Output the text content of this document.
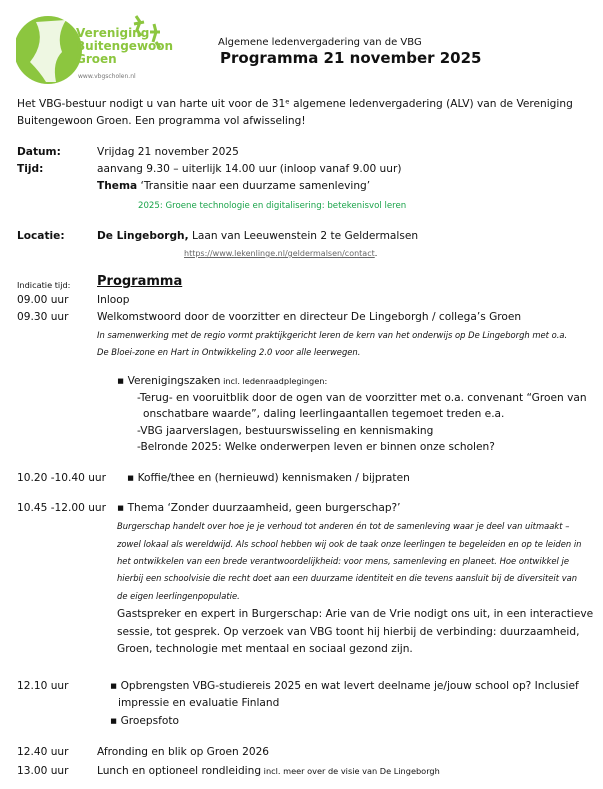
Vereniging
Buitengewoon
Groen
www.vbgscholen.nl
Algemene ledenvergadering van de VBG
Programma 21 november 2025
Het VBG-bestuur nodigt u van harte uit voor de 31ᵉ algemene ledenvergadering (ALV) van de Vereniging
Buitengewoon Groen. Een programma vol afwisseling!
Datum:	Vrijdag 21 november 2025
Tijd:	aanvang 9.30 – uiterlijk 14.00 uur (inloop vanaf 9.00 uur)
Thema ‘Transitie naar een duurzame samenleving’
2025: Groene technologie en digitalisering: betekenisvol leren
Locatie:	De Lingeborgh, Laan van Leeuwenstein 2 te Geldermalsen
https://www.lekenlinge.nl/geldermalsen/contact.
Indicatie tijd: Programma
09.00 uur	Inloop
09.30 uur	Welkomstwoord door de voorzitter en directeur De Lingeborgh / collega’s Groen
In samenwerking met de regio vormt praktijkgericht leren de kern van het onderwijs op De Lingeborgh met o.a.
De Bloei-zone en Hart in Ontwikkeling 2.0 voor alle leerwegen.
▪ Verenigingszaken incl. ledenraadplegingen:
-Terug- en vooruitblik door de ogen van de voorzitter met o.a. convenant “Groen van
onschatbare waarde”, daling leerlingaantallen tegemoet treden e.a.
-VBG jaarverslagen, bestuurswisseling en kennismaking
-Belronde 2025: Welke onderwerpen leven er binnen onze scholen?
10.20 -10.40 uur ▪ Koffie/thee en (hernieuwd) kennismaken / bijpraten
10.45 -12.00 uur ▪ Thema ‘Zonder duurzaamheid, geen burgerschap?’
Burgerschap handelt over hoe je je verhoud tot anderen én tot de samenleving waar je deel van uitmaakt –
zowel lokaal als wereldwijd. Als school hebben wij ook de taak onze leerlingen te begeleiden en op te leiden in
het ontwikkelen van een brede verantwoordelijkheid: voor mens, samenleving en planeet. Hoe ontwikkel je
hierbij een schoolvisie die recht doet aan een duurzame identiteit en die tevens aansluit bij de diversiteit van
de eigen leerlingenpopulatie.
Gastspreker en expert in Burgerschap: Arie van de Vrie nodigt ons uit, in een interactieve
sessie, tot gesprek. Op verzoek van VBG toont hij hierbij de verbinding: duurzaamheid,
Groen, technologie met mentaal en sociaal gezond zijn.
12.10 uur	▪ Opbrengsten VBG-studiereis 2025 en wat levert deelname je/jouw school op? Inclusief
impressie en evaluatie Finland
▪ Groepsfoto
12.40 uur	Afronding en blik op Groen 2026
13.00 uur	Lunch en optioneel rondleiding incl. meer over de visie van De Lingeborgh
